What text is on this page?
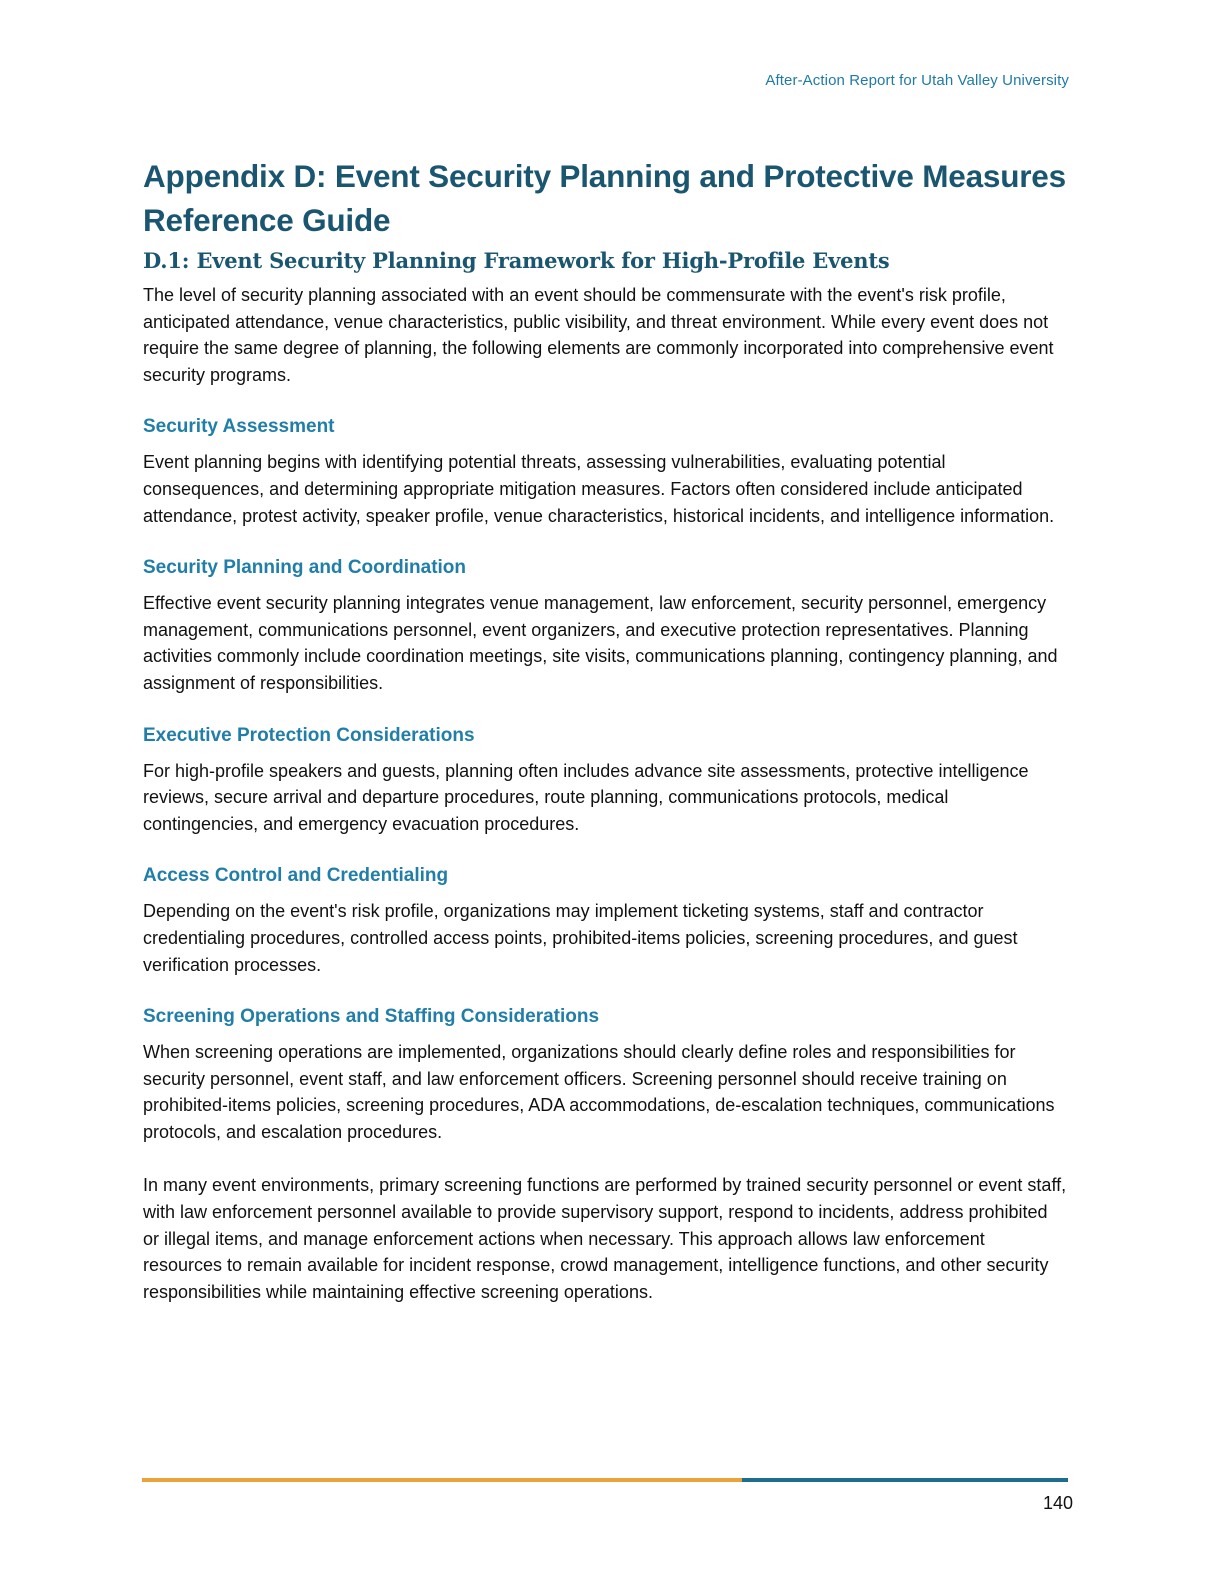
After-Action Report for Utah Valley University
Appendix D: Event Security Planning and Protective Measures Reference Guide
D.1: Event Security Planning Framework for High-Profile Events

The level of security planning associated with an event should be commensurate with the event's risk profile, anticipated attendance, venue characteristics, public visibility, and threat environment. While every event does not require the same degree of planning, the following elements are commonly incorporated into comprehensive event security programs.

Security Assessment

Event planning begins with identifying potential threats, assessing vulnerabilities, evaluating potential consequences, and determining appropriate mitigation measures. Factors often considered include anticipated attendance, protest activity, speaker profile, venue characteristics, historical incidents, and intelligence information.

Security Planning and Coordination

Effective event security planning integrates venue management, law enforcement, security personnel, emergency management, communications personnel, event organizers, and executive protection representatives. Planning activities commonly include coordination meetings, site visits, communications planning, contingency planning, and assignment of responsibilities.

Executive Protection Considerations

For high-profile speakers and guests, planning often includes advance site assessments, protective intelligence reviews, secure arrival and departure procedures, route planning, communications protocols, medical contingencies, and emergency evacuation procedures.

Access Control and Credentialing

Depending on the event's risk profile, organizations may implement ticketing systems, staff and contractor credentialing procedures, controlled access points, prohibited-items policies, screening procedures, and guest verification processes.

Screening Operations and Staffing Considerations

When screening operations are implemented, organizations should clearly define roles and responsibilities for security personnel, event staff, and law enforcement officers. Screening personnel should receive training on prohibited-items policies, screening procedures, ADA accommodations, de-escalation techniques, communications protocols, and escalation procedures.

In many event environments, primary screening functions are performed by trained security personnel or event staff, with law enforcement personnel available to provide supervisory support, respond to incidents, address prohibited or illegal items, and manage enforcement actions when necessary. This approach allows law enforcement resources to remain available for incident response, crowd management, intelligence functions, and other security responsibilities while maintaining effective screening operations.

140
